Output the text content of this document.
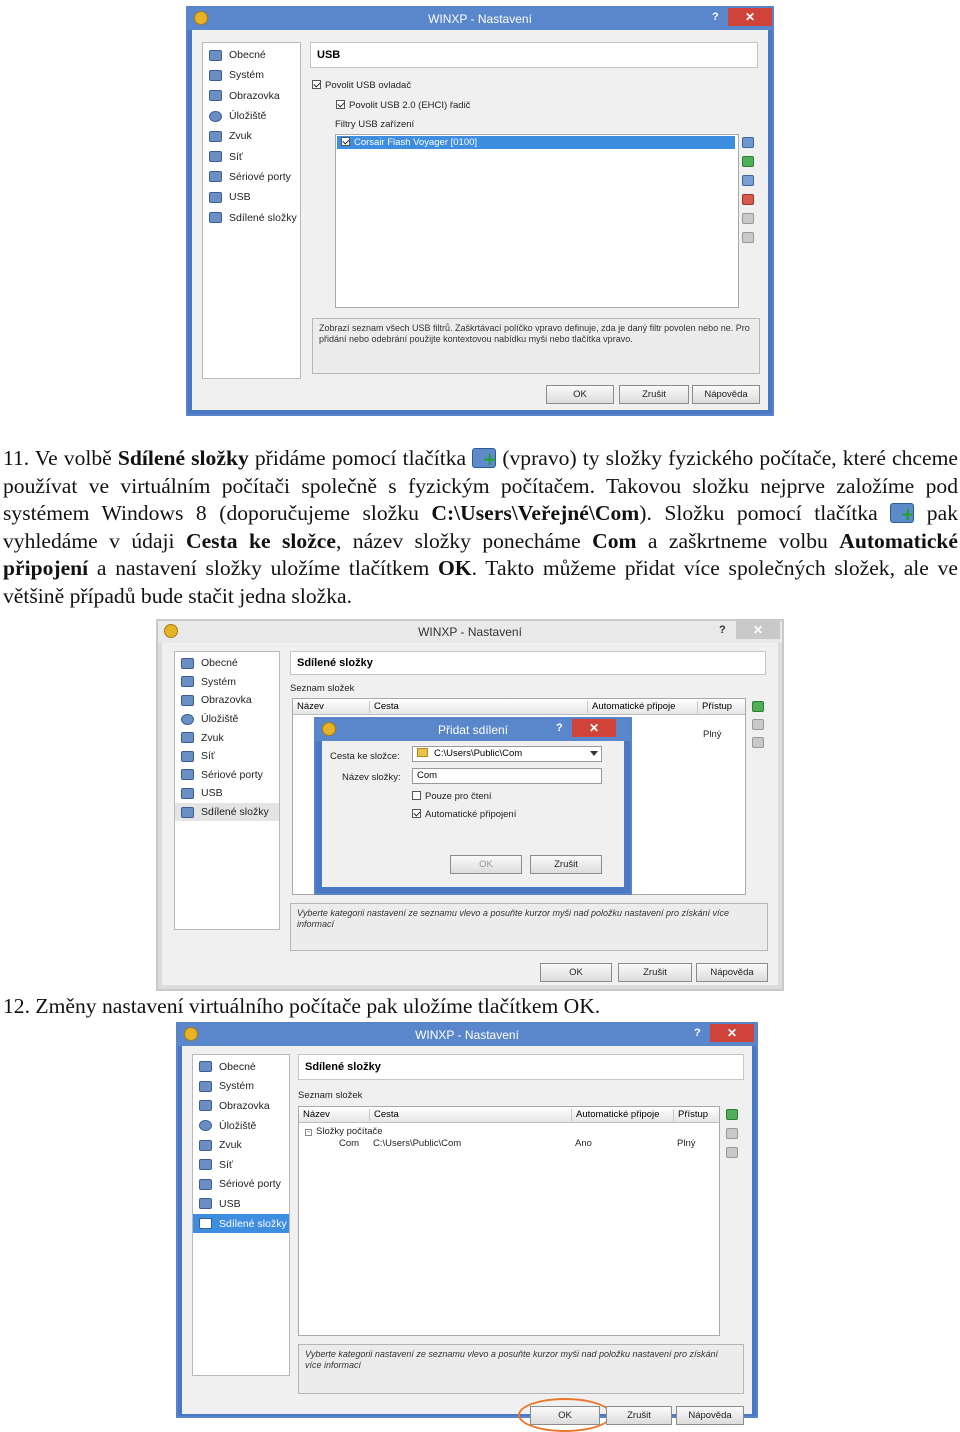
WINXP - Nastavení	?	✕
Obecné
Systém
Obrazovka
Úložiště
Zvuk
Síť
Sériové porty
USB
Sdílené složky
USB
Povolit USB ovladač
Povolit USB 2.0 (EHCI) řadič
Filtry USB zařízení
Corsair Flash Voyager [0100]
Zobrazí seznam všech USB filtrů. Zaškrtávací políčko vpravo definuje, zda je daný filtr povolen nebo ne. Pro přidání nebo odebrání použijte kontextovou nabídku myši nebo tlačítka vpravo.
OK	Zrušit	Nápověda
11. Ve volbě Sdílené složky přidáme pomocí tlačítka + (vpravo) ty složky fyzického počítače, které chceme používat ve virtuálním počítači společně s fyzickým počítačem. Takovou složku nejprve založíme pod systémem Windows 8 (doporučujeme složku C:\Users\Veřejné\Com). Složku pomocí tlačítka + pak vyhledáme v údaji Cesta ke složce, název složky ponecháme Com a zaškrtneme volbu Automatické připojení a nastavení složky uložíme tlačítkem OK. Takto můžeme přidat více společných složek, ale ve většině případů bude stačit jedna složka.
WINXP - Nastavení	?	✕
Obecné
Systém
Obrazovka
Úložiště
Zvuk
Síť
Sériové porty
USB
Sdílené složky
Sdílené složky
Seznam složek
Název	Cesta	Automatické připoje	Přístup
Plný
Vyberte kategorii nastavení ze seznamu vlevo a posuňte kurzor myši nad položku nastavení pro získání více informací
OK	Zrušit	Nápověda
Přidat sdílení	?	✕
Cesta ke složce:	C:\Users\Public\Com
Název složky:	Com
Pouze pro čtení
Automatické připojení
OK	Zrušit
12. Změny nastavení virtuálního počítače pak uložíme tlačítkem OK.
WINXP - Nastavení	?	✕
Obecné
Systém
Obrazovka
Úložiště
Zvuk
Síť
Sériové porty
USB
Sdílené složky
Sdílené složky
Seznam složek
Název	Cesta	Automatické připoje	Přístup
- Složky počítače
Com C:\Users\Public\Com	Ano	Plný
Vyberte kategorii nastavení ze seznamu vlevo a posuňte kurzor myši nad položku nastavení pro získání více informací
OK	Zrušit	Nápověda
